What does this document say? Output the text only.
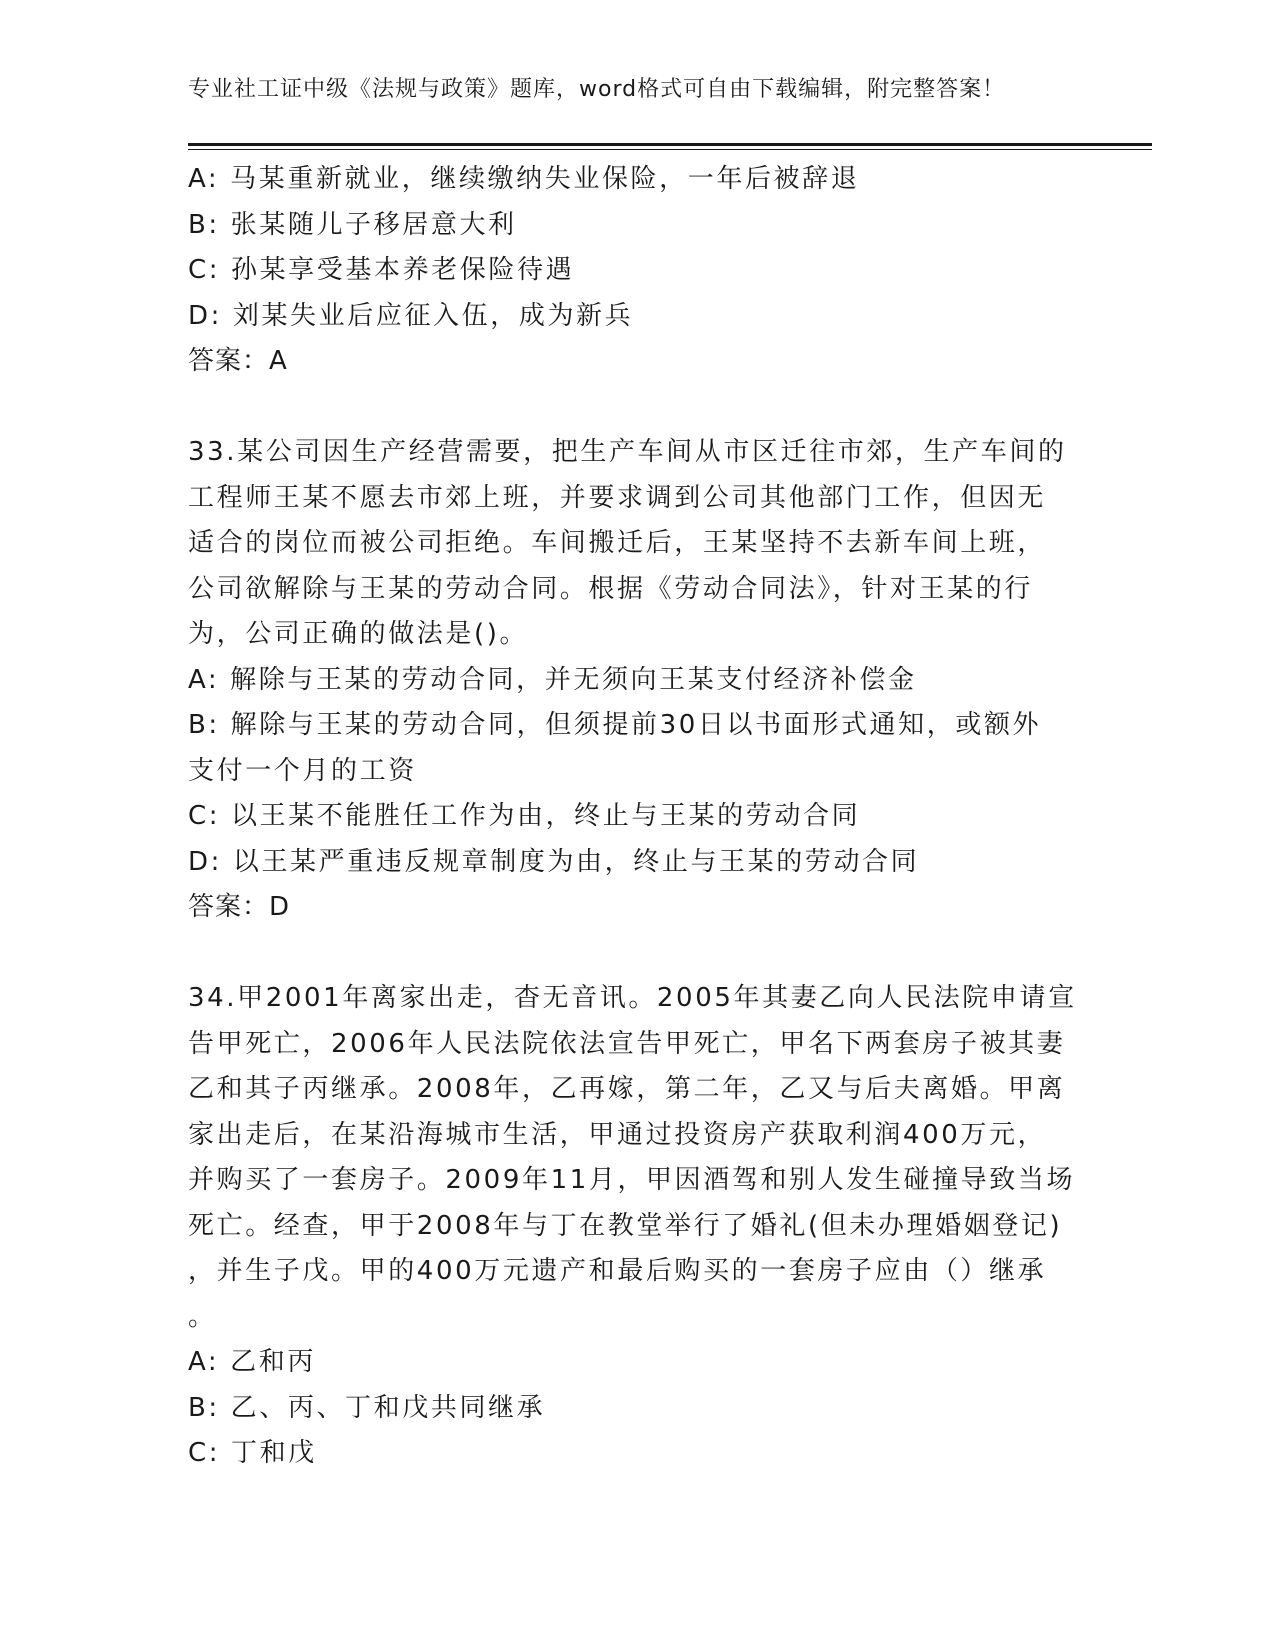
专业社工证中级《法规与政策》题库，word格式可自由下载编辑，附完整答案！
A: 马某重新就业，继续缴纳失业保险，一年后被辞退
B: 张某随儿子移居意大利
C: 孙某享受基本养老保险待遇
D: 刘某失业后应征入伍，成为新兵
答案：A
33.某公司因生产经营需要，把生产车间从市区迁往市郊，生产车间的
工程师王某不愿去市郊上班，并要求调到公司其他部门工作，但因无
适合的岗位而被公司拒绝。车间搬迁后，王某坚持不去新车间上班，
公司欲解除与王某的劳动合同。根据《劳动合同法》，针对王某的行
为，公司正确的做法是()。
A: 解除与王某的劳动合同，并无须向王某支付经济补偿金
B: 解除与王某的劳动合同，但须提前30日以书面形式通知，或额外
支付一个月的工资
C: 以王某不能胜任工作为由，终止与王某的劳动合同
D: 以王某严重违反规章制度为由，终止与王某的劳动合同
答案：D
34.甲2001年离家出走，杳无音讯。2005年其妻乙向人民法院申请宣
告甲死亡，2006年人民法院依法宣告甲死亡，甲名下两套房子被其妻
乙和其子丙继承。2008年，乙再嫁，第二年，乙又与后夫离婚。甲离
家出走后，在某沿海城市生活，甲通过投资房产获取利润400万元，
并购买了一套房子。2009年11月，甲因酒驾和别人发生碰撞导致当场
死亡。经查，甲于2008年与丁在教堂举行了婚礼(但未办理婚姻登记)
，并生子戊。甲的400万元遗产和最后购买的一套房子应由（）继承
。
A: 乙和丙
B: 乙、丙、丁和戊共同继承
C: 丁和戊
